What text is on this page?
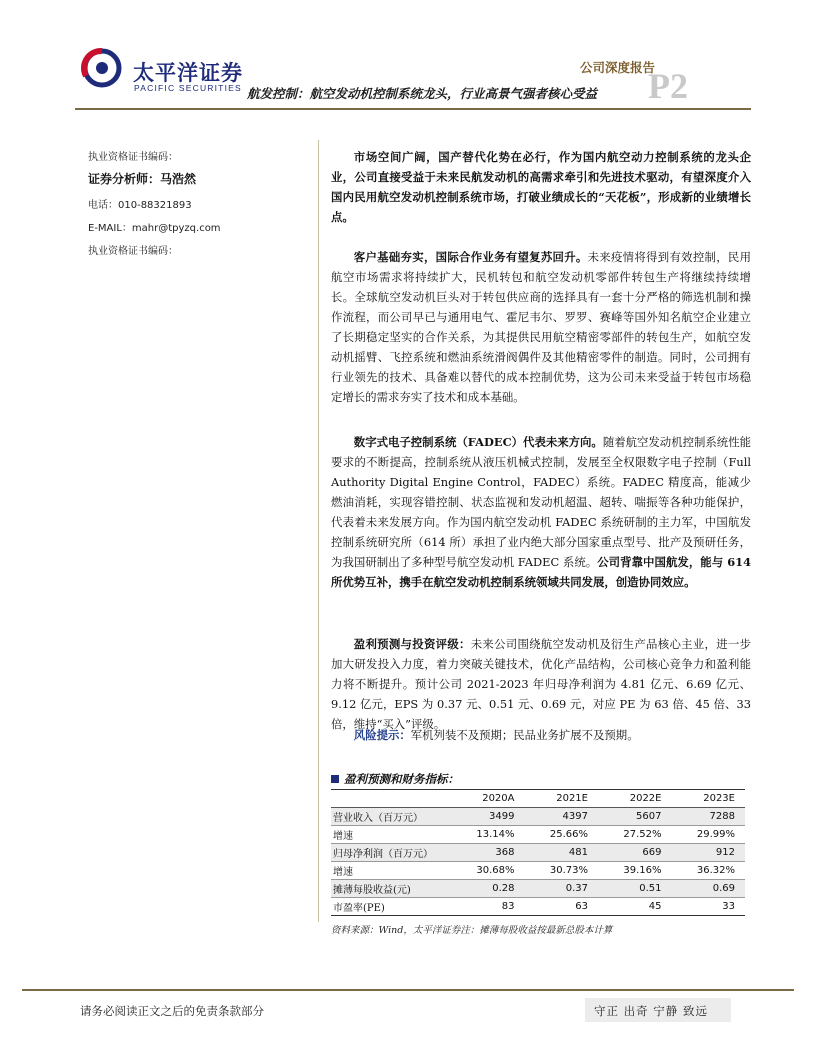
太平洋证券
PACIFIC SECURITIES
公司深度报告
P2
航发控制：航空发动机控制系统龙头，行业高景气强者核心受益
执业资格证书编码：
证券分析师：马浩然
电话：010-88321893
E-MAIL：mahr@tpyzq.com
执业资格证书编码：

市场空间广阔，国产替代化势在必行，作为国内航空动力控制系统的龙头企业，公司直接受益于未来民航发动机的高需求牵引和先进技术驱动，有望深度介入国内民用航空发动机控制系统市场，打破业绩成长的“天花板”，形成新的业绩增长点。

客户基础夯实，国际合作业务有望复苏回升。未来疫情将得到有效控制，民用航空市场需求将持续扩大，民机转包和航空发动机零部件转包生产将继续持续增长。全球航空发动机巨头对于转包供应商的选择具有一套十分严格的筛选机制和操作流程，而公司早已与通用电气、霍尼韦尔、罗罗、赛峰等国外知名航空企业建立了长期稳定坚实的合作关系，为其提供民用航空精密零部件的转包生产，如航空发动机摇臂、飞控系统和燃油系统滑阀偶件及其他精密零件的制造。同时，公司拥有行业领先的技术、具备难以替代的成本控制优势，这为公司未来受益于转包市场稳定增长的需求夯实了技术和成本基础。

数字式电子控制系统（FADEC）代表未来方向。随着航空发动机控制系统性能要求的不断提高，控制系统从液压机械式控制，发展至全权限数字电子控制（Full Authority Digital Engine Control，FADEC）系统。FADEC 精度高，能减少燃油消耗，实现容错控制、状态监视和发动机超温、超转、喘振等各种功能保护，代表着未来发展方向。作为国内航空发动机 FADEC 系统研制的主力军，中国航发控制系统研究所（614 所）承担了业内绝大部分国家重点型号、批产及预研任务，为我国研制出了多种型号航空发动机 FADEC 系统。公司背靠中国航发，能与 614 所优势互补，携手在航空发动机控制系统领域共同发展，创造协同效应。

盈利预测与投资评级：未来公司围绕航空发动机及衍生产品核心主业，进一步加大研发投入力度，着力突破关键技术，优化产品结构，公司核心竞争力和盈利能力将不断提升。预计公司 2021-2023 年归母净利润为 4.81 亿元、6.69 亿元、9.12 亿元，EPS 为 0.37 元、0.51 元、0.69 元，对应 PE 为 63 倍、45 倍、33 倍，维持“买入”评级。

风险提示：军机列装不及预期；民品业务扩展不及预期。

盈利预测和财务指标：
	2020A	2021E	2022E	2023E
营业收入（百万元）	3499	4397	5607	7288
增速	13.14%	25.66%	27.52%	29.99%
归母净利润（百万元）	368	481	669	912
增速	30.68%	30.73%	39.16%	36.32%
摊薄每股收益(元)	0.28	0.37	0.51	0.69
市盈率(PE)	83	63	45	33
资料来源：Wind，太平洋证券注：摊薄每股收益按最新总股本计算
请务必阅读正文之后的免责条款部分	守正 出奇 宁静 致远
